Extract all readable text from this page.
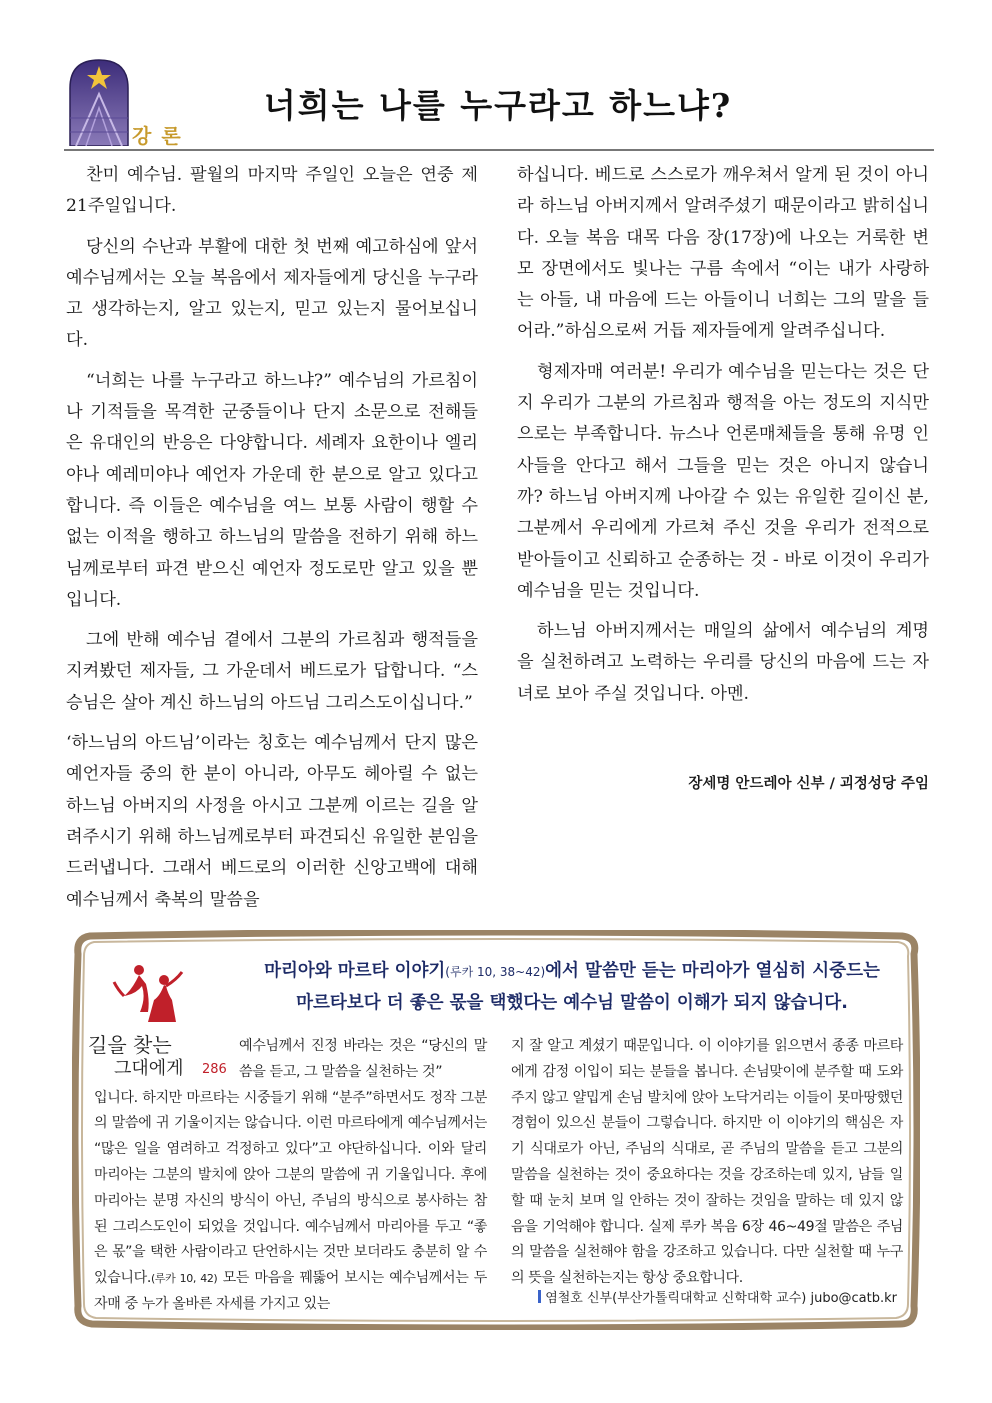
너희는 나를 누구라고 하느냐?
강론

찬미 예수님. 팔월의 마지막 주일인 오늘은 연중 제21주일입니다.

당신의 수난과 부활에 대한 첫 번째 예고하심에 앞서 예수님께서는 오늘 복음에서 제자들에게 당신을 누구라고 생각하는지, 알고 있는지, 믿고 있는지 물어보십니다.

“너희는 나를 누구라고 하느냐?” 예수님의 가르침이나 기적들을 목격한 군중들이나 단지 소문으로 전해들은 유대인의 반응은 다양합니다. 세례자 요한이나 엘리야나 예레미야나 예언자 가운데 한 분으로 알고 있다고 합니다. 즉 이들은 예수님을 여느 보통 사람이 행할 수 없는 이적을 행하고 하느님의 말씀을 전하기 위해 하느님께로부터 파견 받으신 예언자 정도로만 알고 있을 뿐입니다.

그에 반해 예수님 곁에서 그분의 가르침과 행적들을 지켜봤던 제자들, 그 가운데서 베드로가 답합니다. “스승님은 살아 계신 하느님의 아드님 그리스도이십니다.”

‘하느님의 아드님’이라는 칭호는 예수님께서 단지 많은 예언자들 중의 한 분이 아니라, 아무도 헤아릴 수 없는 하느님 아버지의 사정을 아시고 그분께 이르는 길을 알려주시기 위해 하느님께로부터 파견되신 유일한 분임을 드러냅니다. 그래서 베드로의 이러한 신앙고백에 대해 예수님께서 축복의 말씀을

하십니다. 베드로 스스로가 깨우쳐서 알게 된 것이 아니라 하느님 아버지께서 알려주셨기 때문이라고 밝히십니다. 오늘 복음 대목 다음 장(17장)에 나오는 거룩한 변모 장면에서도 빛나는 구름 속에서 “이는 내가 사랑하는 아들, 내 마음에 드는 아들이니 너희는 그의 말을 들어라.”하심으로써 거듭 제자들에게 알려주십니다.

형제자매 여러분! 우리가 예수님을 믿는다는 것은 단지 우리가 그분의 가르침과 행적을 아는 정도의 지식만으로는 부족합니다. 뉴스나 언론매체들을 통해 유명 인사들을 안다고 해서 그들을 믿는 것은 아니지 않습니까? 하느님 아버지께 나아갈 수 있는 유일한 길이신 분, 그분께서 우리에게 가르쳐 주신 것을 우리가 전적으로 받아들이고 신뢰하고 순종하는 것 - 바로 이것이 우리가 예수님을 믿는 것입니다.

하느님 아버지께서는 매일의 삶에서 예수님의 계명을 실천하려고 노력하는 우리를 당신의 마음에 드는 자녀로 보아 주실 것입니다. 아멘.

장세명 안드레아 신부 / 괴정성당 주임
길을 찾는
그대에게 286
마리아와 마르타 이야기(루카 10, 38~42)에서 말씀만 듣는 마리아가 열심히 시중드는 마르타보다 더 좋은 몫을 택했다는 예수님 말씀이 이해가 되지 않습니다.
예수님께서 진정 바라는 것은 “당신의 말씀을 듣고, 그 말씀을 실천하는 것”
입니다. 하지만 마르타는 시중들기 위해 “분주”하면서도 정작 그분의 말씀에 귀 기울이지는 않습니다. 이런 마르타에게 예수님께서는 “많은 일을 염려하고 걱정하고 있다”고 야단하십니다. 이와 달리 마리아는 그분의 발치에 앉아 그분의 말씀에 귀 기울입니다. 후에 마리아는 분명 자신의 방식이 아닌, 주님의 방식으로 봉사하는 참된 그리스도인이 되었을 것입니다. 예수님께서 마리아를 두고 “좋은 몫”을 택한 사람이라고 단언하시는 것만 보더라도 충분히 알 수 있습니다.(루카 10, 42) 모든 마음을 꿰뚫어 보시는 예수님께서는 두 자매 중 누가 올바른 자세를 가지고 있는
지 잘 알고 계셨기 때문입니다. 이 이야기를 읽으면서 종종 마르타에게 감정 이입이 되는 분들을 봅니다. 손님맞이에 분주할 때 도와주지 않고 얄밉게 손님 발치에 앉아 노닥거리는 이들이 못마땅했던 경험이 있으신 분들이 그렇습니다. 하지만 이 이야기의 핵심은 자기 식대로가 아닌, 주님의 식대로, 곧 주님의 말씀을 듣고 그분의 말씀을 실천하는 것이 중요하다는 것을 강조하는데 있지, 남들 일할 때 눈치 보며 일 안하는 것이 잘하는 것임을 말하는 데 있지 않음을 기억해야 합니다. 실제 루카 복음 6장 46~49절 말씀은 주님의 말씀을 실천해야 함을 강조하고 있습니다. 다만 실천할 때 누구의 뜻을 실천하는지는 항상 중요합니다.
염철호 신부(부산가톨릭대학교 신학대학 교수) jubo@catb.kr
